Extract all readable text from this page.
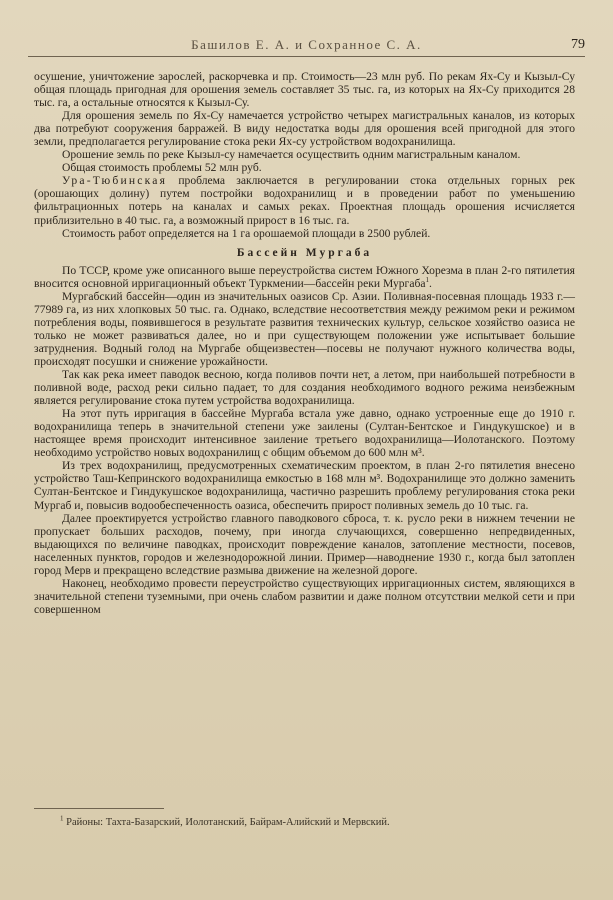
Башилов Е. А. и Сохранное С. А.	79

осушение, уничтожение зарослей, раскорчевка и пр. Стоимость—23 млн руб. По рекам Ях-Су и Кызыл-Су общая площадь пригодная для орошения земель составляет 35 тыс. га, из которых на Ях-Су приходится 28 тыс. га, а остальные относятся к Кызыл-Су.

Для орошения земель по Ях-Су намечается устройство четырех магистральных каналов, из которых два потребуют сооружения барражей. В виду недостатка воды для орошения всей пригодной для этого земли, предполагается регулирование стока реки Ях-су устройством водохранилища.

Орошение земль по реке Кызыл-су намечается осуществить одним магистральным каналом.

Общая стоимость проблемы 52 млн руб.

Ура-Тюбинская проблема заключается в регулировании стока отдельных горных рек (орошающих долину) путем постройки водохранилищ и в проведении работ по уменьшению фильтрационных потерь на каналах и самых реках. Проектная площадь орошения исчисляется приблизительно в 40 тыс. га, а возможный прирост в 16 тыс. га.

Стоимость работ определяется на 1 га орошаемой площади в 2500 рублей.

Бассейн Мургаба

По ТССР, кроме уже описанного выше переустройства систем Южного Хорезма в план 2-го пятилетия вносится основной ирригационный объект Туркмении—бассейн реки Мургаба$^1$.

Мургабский бассейн—один из значительных оазисов Ср. Азии. Поливная-посевная площадь 1933 г.—77989 га, из них хлопковых 50 тыс. га. Однако, вследствие несоответствия между режимом реки и режимом потребления воды, появившегося в результате развития технических культур, сельское хозяйство оазиса не только не может развиваться далее, но и при существующем положении уже испытывает большие затруднения. Водный голод на Мургабе общеизвестен—посевы не получают нужного количества воды, происходят посушки и снижение урожайности.

Так как река имеет паводок весною, когда поливов почти нет, а летом, при наибольшей потребности в поливной воде, расход реки сильно падает, то для создания необходимого водного режима неизбежным является регулирование стока путем устройства водохранилища.

На этот путь ирригация в бассейне Мургаба встала уже давно, однако устроенные еще до 1910 г. водохранилища теперь в значительной степени уже заилены (Султан-Бентское и Гиндукушское) и в настоящее время происходит интенсивное заиление третьего водохранилища—Иолотанского. Поэтому необходимо устройство новых водохранилищ с общим объемом до 600 млн м³.

Из трех водохранилищ, предусмотренных схематическим проектом, в план 2-го пятилетия внесено устройство Таш-Кепринского водохранилища емкостью в 168 млн м³. Водохранилище это должно заменить Султан-Бентское и Гиндукушское водохранилища, частично разрешить проблему регулирования стока реки Мургаб и, повысив водообеспеченность оазиса, обеспечить прирост поливных земель до 10 тыс. га.

Далее проектируется устройство главного паводкового сброса, т. к. русло реки в нижнем течении не пропускает больших расходов, почему, при иногда случающихся, совершенно непредвиденных, выдающихся по величине паводках, происходит повреждение каналов, затопление местности, посевов, населенных пунктов, городов и железнодорожной линии. Пример—наводнение 1930 г., когда был затоплен город Мерв и прекращено вследствие размыва движение на железной дороге.

Наконец, необходимо провести переустройство существующих ирригационных систем, являющихся в значительной степени туземными, при очень слабом развитии и даже полном отсутствии мелкой сети и при совершенном

$^1$ Районы: Тахта-Базарский, Иолотанский, Байрам-Алийский и Мервский.
